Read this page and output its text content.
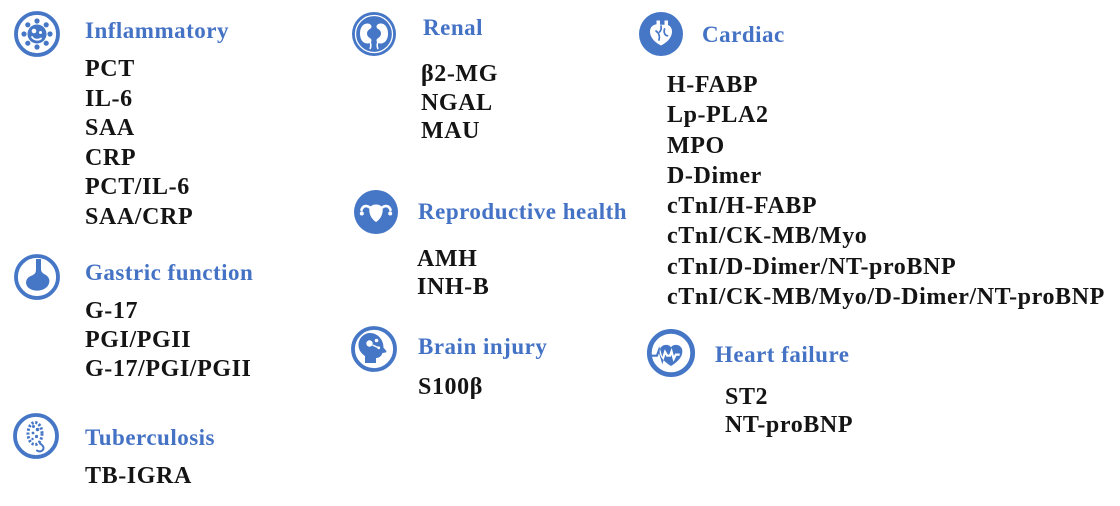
Inflammatory
PCT
IL-6
SAA
CRP
PCT/IL-6
SAA/CRP
Gastric function
G-17
PGI/PGII
G-17/PGI/PGII
Tuberculosis
TB-IGRA
Renal
β2-MG
NGAL
MAU
Reproductive health
AMH
INH-B
Brain injury
S100β
Cardiac
H-FABP
Lp-PLA2
MPO
D-Dimer
cTnI/H-FABP
cTnI/CK-MB/Myo
cTnI/D-Dimer/NT-proBNP
cTnI/CK-MB/Myo/D-Dimer/NT-proBNP
Heart failure
ST2
NT-proBNP
